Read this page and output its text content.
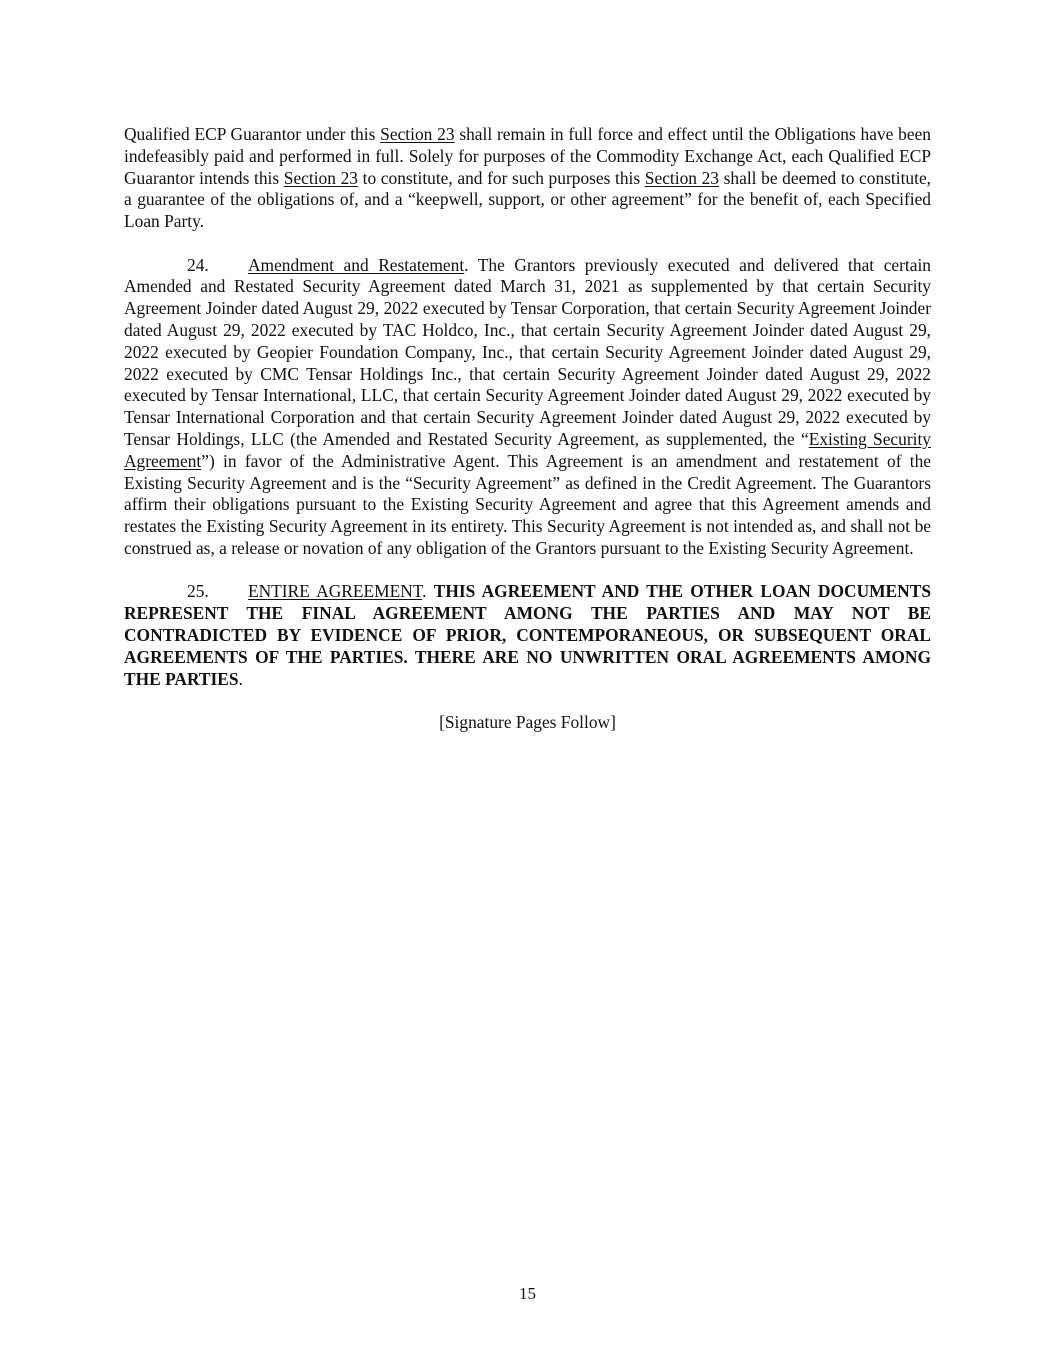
Qualified ECP Guarantor under this Section 23 shall remain in full force and effect until the Obligations have been indefeasibly paid and performed in full. Solely for purposes of the Commodity Exchange Act, each Qualified ECP Guarantor intends this Section 23 to constitute, and for such purposes this Section 23 shall be deemed to constitute, a guarantee of the obligations of, and a “keepwell, support, or other agreement” for the benefit of, each Specified Loan Party.

24. Amendment and Restatement. The Grantors previously executed and delivered that certain Amended and Restated Security Agreement dated March 31, 2021 as supplemented by that certain Security Agreement Joinder dated August 29, 2022 executed by Tensar Corporation, that certain Security Agreement Joinder dated August 29, 2022 executed by TAC Holdco, Inc., that certain Security Agreement Joinder dated August 29, 2022 executed by Geopier Foundation Company, Inc., that certain Security Agreement Joinder dated August 29, 2022 executed by CMC Tensar Holdings Inc., that certain Security Agreement Joinder dated August 29, 2022 executed by Tensar International, LLC, that certain Security Agreement Joinder dated August 29, 2022 executed by Tensar International Corporation and that certain Security Agreement Joinder dated August 29, 2022 executed by Tensar Holdings, LLC (the Amended and Restated Security Agreement, as supplemented, the “Existing Security Agreement”) in favor of the Administrative Agent. This Agreement is an amendment and restatement of the Existing Security Agreement and is the “Security Agreement” as defined in the Credit Agreement. The Guarantors affirm their obligations pursuant to the Existing Security Agreement and agree that this Agreement amends and restates the Existing Security Agreement in its entirety. This Security Agreement is not intended as, and shall not be construed as, a release or novation of any obligation of the Grantors pursuant to the Existing Security Agreement.

25. ENTIRE AGREEMENT. THIS AGREEMENT AND THE OTHER LOAN DOCUMENTS REPRESENT THE FINAL AGREEMENT AMONG THE PARTIES AND MAY NOT BE CONTRADICTED BY EVIDENCE OF PRIOR, CONTEMPORANEOUS, OR SUBSEQUENT ORAL AGREEMENTS OF THE PARTIES. THERE ARE NO UNWRITTEN ORAL AGREEMENTS AMONG THE PARTIES.

[Signature Pages Follow]

15
